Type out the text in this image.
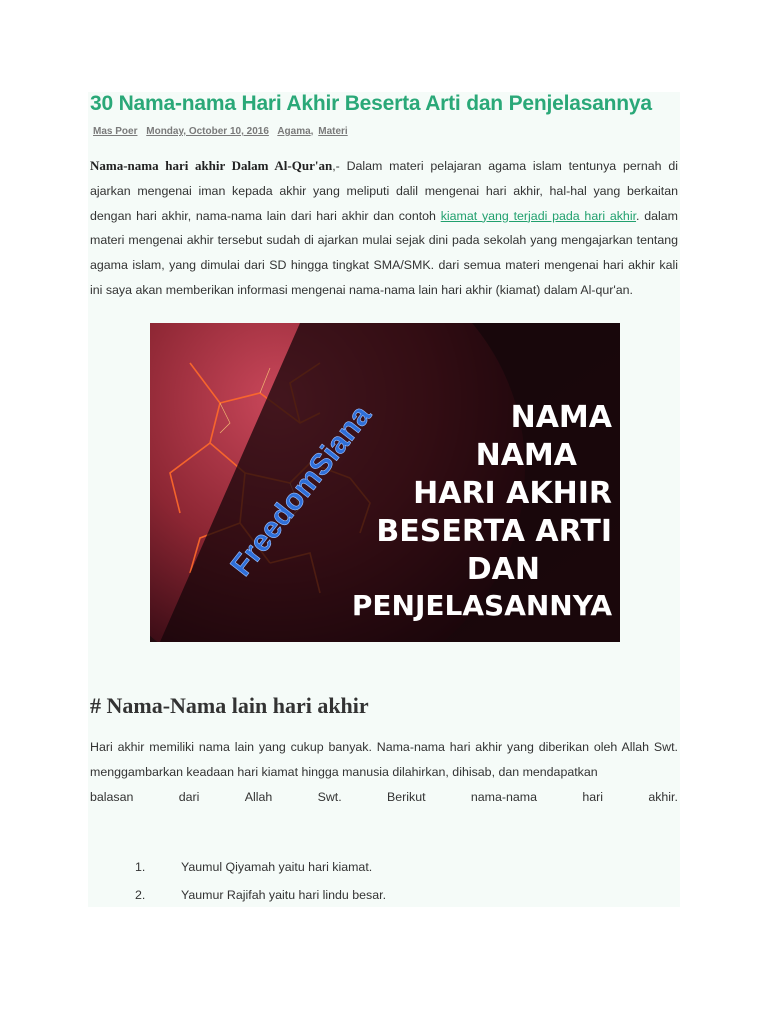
30 Nama-nama Hari Akhir Beserta Arti dan Penjelasannya
Mas Poer Monday, October 10, 2016 Agama, Materi

Nama-nama hari akhir Dalam Al-Qur'an,- Dalam materi pelajaran agama islam tentunya pernah di ajarkan mengenai iman kepada akhir yang meliputi dalil mengenai hari akhir, hal-hal yang berkaitan dengan hari akhir, nama-nama lain dari hari akhir dan contoh kiamat yang terjadi pada hari akhir. dalam materi mengenai akhir tersebut sudah di ajarkan mulai sejak dini pada sekolah yang mengajarkan tentang agama islam, yang dimulai dari SD hingga tingkat SMA/SMK. dari semua materi mengenai hari akhir kali ini saya akan memberikan informasi mengenai nama-nama lain hari akhir (kiamat) dalam Al-qur'an.

FreedomSiana	NAMA
NAMA
HARI AKHIR
BESERTA ARTI
DAN
PENJELASANNYA
# Nama-Nama lain hari akhir

Hari akhir memiliki nama lain yang cukup banyak. Nama-nama hari akhir yang diberikan oleh Allah Swt. menggambarkan keadaan hari kiamat hingga manusia dilahirkan, dihisab, dan mendapatkan

balasan	dari	Allah	Swt.	Berikut	nama-nama	hari	akhir.
1.	Yaumul Qiyamah yaitu hari kiamat.
2.	Yaumur Rajifah yaitu hari lindu besar.
